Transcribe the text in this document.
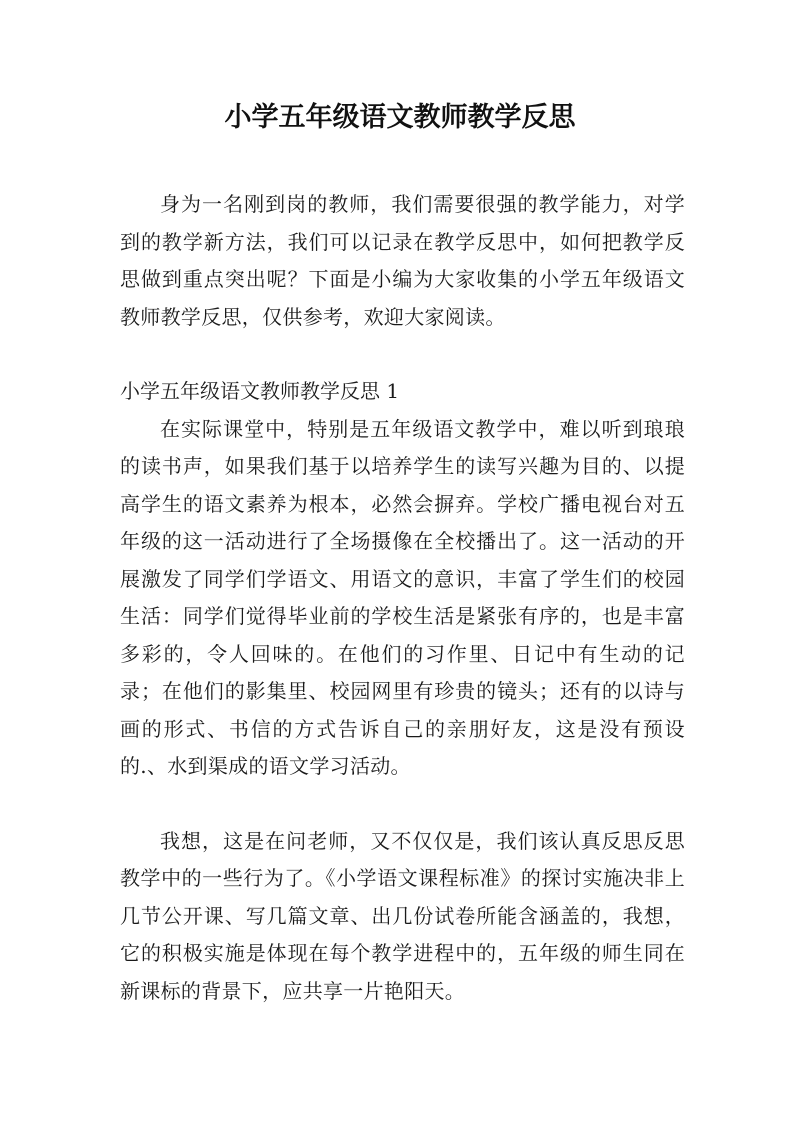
小学五年级语文教师教学反思

身为一名刚到岗的教师，我们需要很强的教学能力，对学到的教学新方法，我们可以记录在教学反思中，如何把教学反思做到重点突出呢？下面是小编为大家收集的小学五年级语文教师教学反思，仅供参考，欢迎大家阅读。

小学五年级语文教师教学反思 1

在实际课堂中，特别是五年级语文教学中，难以听到琅琅的读书声，如果我们基于以培养学生的读写兴趣为目的、以提高学生的语文素养为根本，必然会摒弃。学校广播电视台对五年级的这一活动进行了全场摄像在全校播出了。这一活动的开展激发了同学们学语文、用语文的意识，丰富了学生们的校园生活：同学们觉得毕业前的学校生活是紧张有序的，也是丰富多彩的，令人回味的。在他们的习作里、日记中有生动的记录；在他们的影集里、校园网里有珍贵的镜头；还有的以诗与画的形式、书信的方式告诉自己的亲朋好友，这是没有预设的.、水到渠成的语文学习活动。

我想，这是在问老师，又不仅仅是，我们该认真反思反思教学中的一些行为了。《小学语文课程标准》的探讨实施决非上几节公开课、写几篇文章、出几份试卷所能含涵盖的，我想，它的积极实施是体现在每个教学进程中的，五年级的师生同在新课标的背景下，应共享一片艳阳天。
